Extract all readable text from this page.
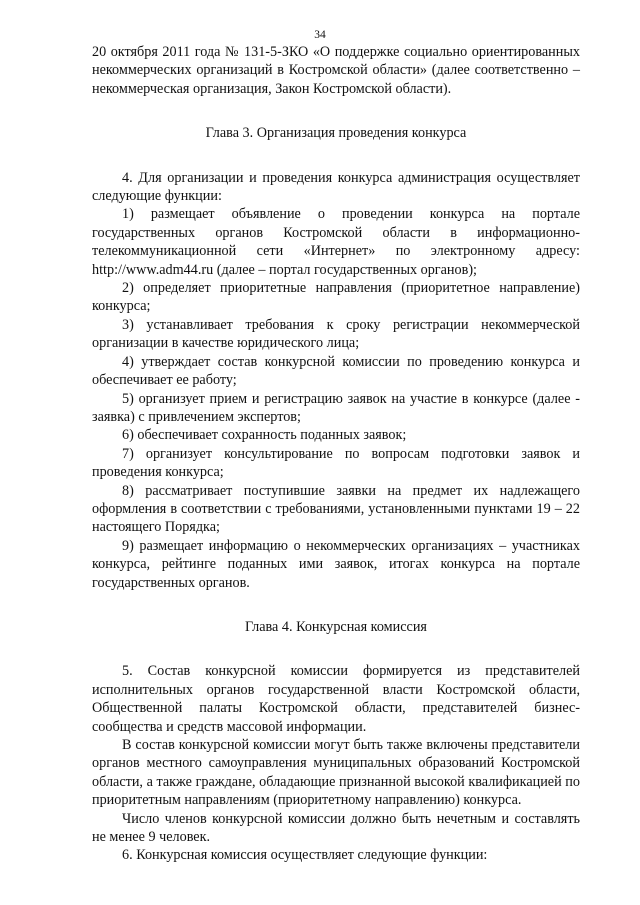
34

20 октября 2011 года № 131-5-ЗКО «О поддержке социально ориентированных некоммерческих организаций в Костромской области» (далее соответственно – некоммерческая организация, Закон Костромской области).

Глава 3. Организация проведения конкурса

4. Для организации и проведения конкурса администрация осуществляет следующие функции:

1) размещает объявление о проведении конкурса на портале государственных органов Костромской области в информационно-телекоммуникационной сети «Интернет» по электронному адресу: http://www.adm44.ru (далее – портал государственных органов);

2) определяет приоритетные направления (приоритетное направление) конкурса;

3) устанавливает требования к сроку регистрации некоммерческой организации в качестве юридического лица;

4) утверждает состав конкурсной комиссии по проведению конкурса и обеспечивает ее работу;

5) организует прием и регистрацию заявок на участие в конкурсе (далее - заявка) с привлечением экспертов;

6) обеспечивает сохранность поданных заявок;

7) организует консультирование по вопросам подготовки заявок и проведения конкурса;

8) рассматривает поступившие заявки на предмет их надлежащего оформления в соответствии с требованиями, установленными пунктами 19 – 22 настоящего Порядка;

9) размещает информацию о некоммерческих организациях – участниках конкурса, рейтинге поданных ими заявок, итогах конкурса на портале государственных органов.

Глава 4. Конкурсная комиссия

5. Состав конкурсной комиссии формируется из представителей исполнительных органов государственной власти Костромской области, Общественной палаты Костромской области, представителей бизнес-сообщества и средств массовой информации.

В состав конкурсной комиссии могут быть также включены представители органов местного самоуправления муниципальных образований Костромской области, а также граждане, обладающие признанной высокой квалификацией по приоритетным направлениям (приоритетному направлению) конкурса.

Число членов конкурсной комиссии должно быть нечетным и составлять не менее 9 человек.

6. Конкурсная комиссия осуществляет следующие функции:
